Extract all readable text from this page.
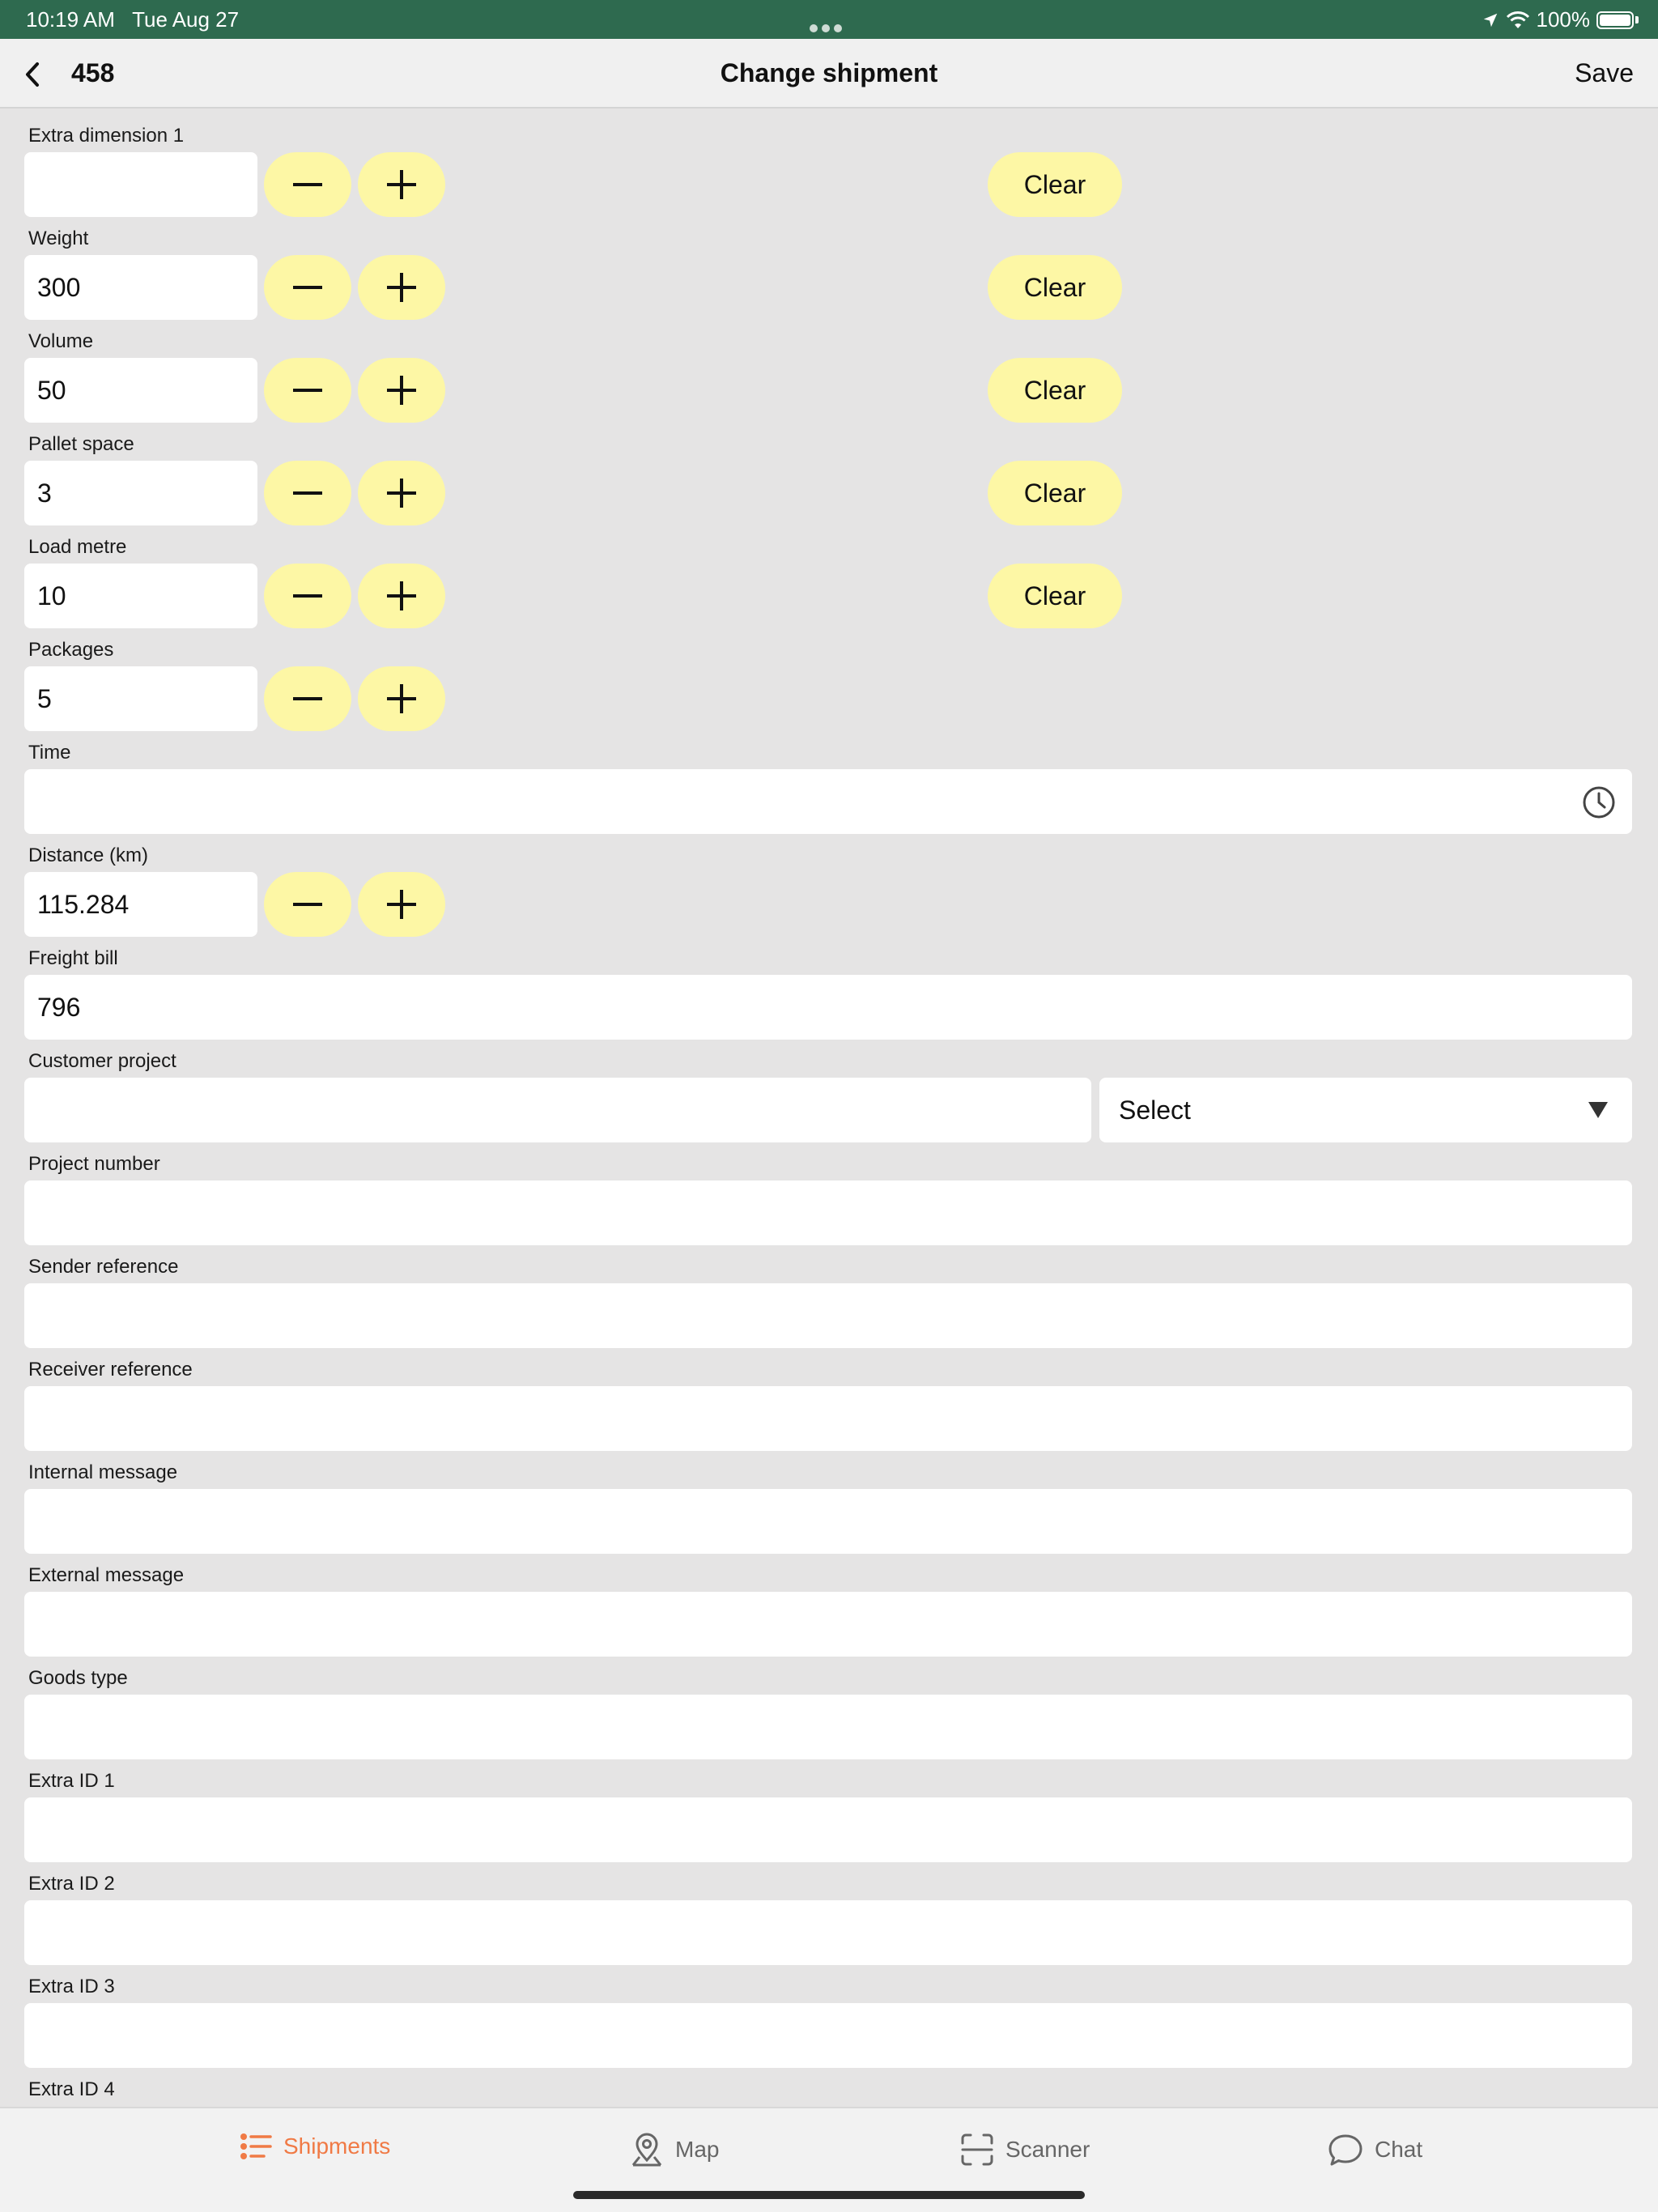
10:19 AM Tue Aug 27	100%
458	Change shipment	Save
Extra dimension 1
Clear
Weight
300	Clear
Volume
50	Clear
Pallet space
3	Clear
Load metre
10	Clear
Packages
5
Time
Distance (km)
115.284
Freight bill
796
Customer project
Select
Project number
Sender reference
Receiver reference
Internal message
External message
Goods type
Extra ID 1
Extra ID 2
Extra ID 3
Extra ID 4
Shipments	Map	Scanner	Chat
